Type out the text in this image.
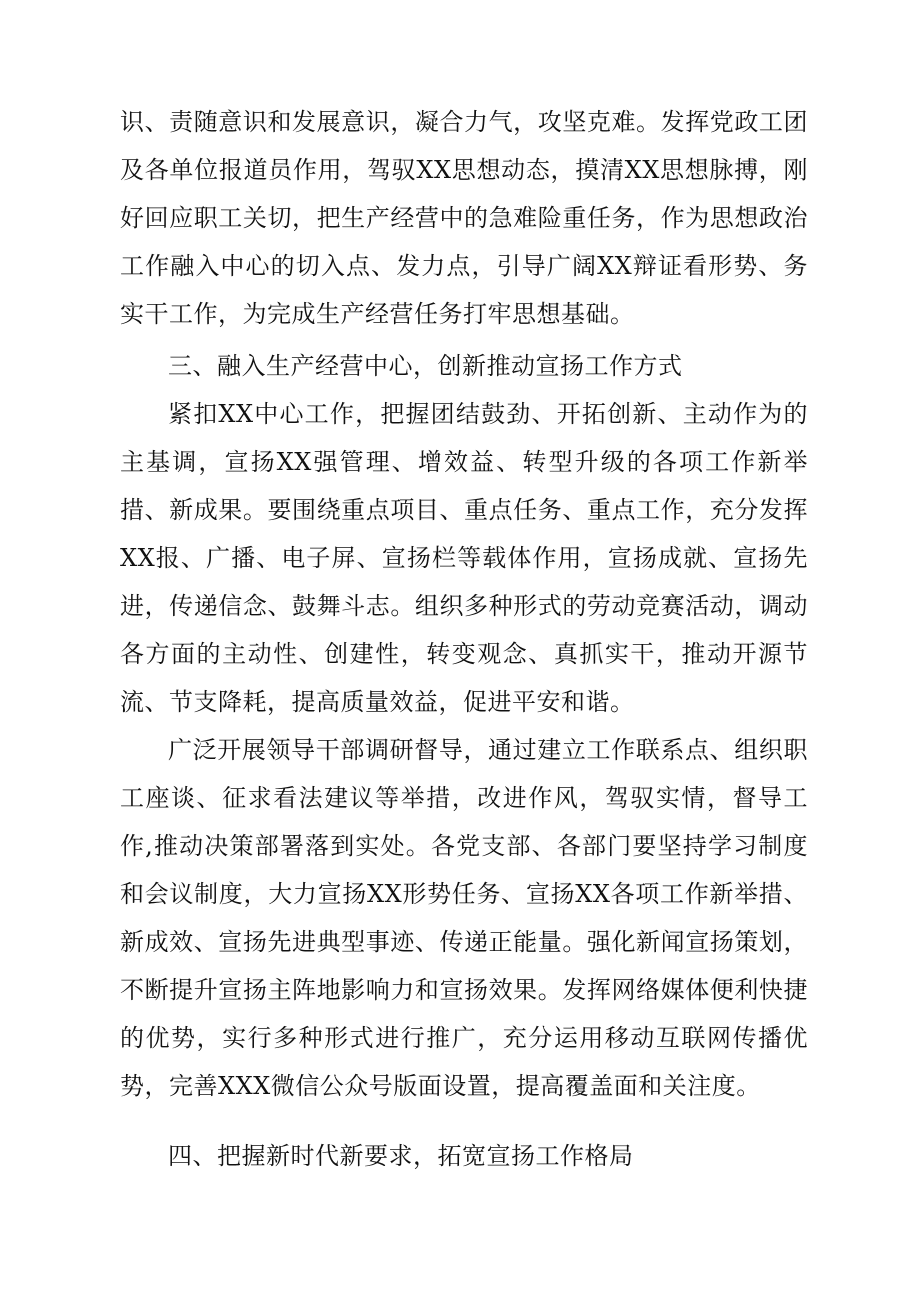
识、责随意识和发展意识，凝合力气，攻坚克难。发挥党政工团及各单位报道员作用，驾驭XX思想动态，摸清XX思想脉搏，刚好回应职工关切，把生产经营中的急难险重任务，作为思想政治工作融入中心的切入点、发力点，引导广阔XX辩证看形势、务实干工作，为完成生产经营任务打牢思想基础。

三、融入生产经营中心，创新推动宣扬工作方式

紧扣XX中心工作，把握团结鼓劲、开拓创新、主动作为的主基调，宣扬XX强管理、增效益、转型升级的各项工作新举措、新成果。要围绕重点项目、重点任务、重点工作，充分发挥XX报、广播、电子屏、宣扬栏等载体作用，宣扬成就、宣扬先进，传递信念、鼓舞斗志。组织多种形式的劳动竞赛活动，调动各方面的主动性、创建性，转变观念、真抓实干，推动开源节流、节支降耗，提高质量效益，促进平安和谐。

广泛开展领导干部调研督导，通过建立工作联系点、组织职工座谈、征求看法建议等举措，改进作风，驾驭实情，督导工作,推动决策部署落到实处。各党支部、各部门要坚持学习制度和会议制度，大力宣扬XX形势任务、宣扬XX各项工作新举措、新成效、宣扬先进典型事迹、传递正能量。强化新闻宣扬策划，不断提升宣扬主阵地影响力和宣扬效果。发挥网络媒体便利快捷的优势，实行多种形式进行推广，充分运用移动互联网传播优势，完善XXX微信公众号版面设置，提高覆盖面和关注度。

四、把握新时代新要求，拓宽宣扬工作格局
